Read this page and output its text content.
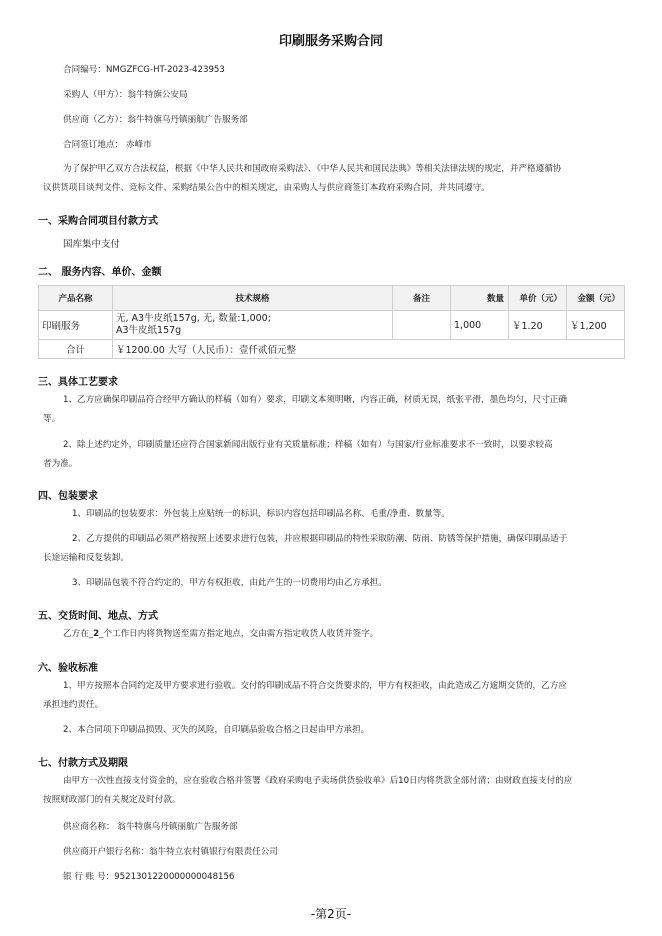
印刷服务采购合同
合同编号：NMGZFCG-HT-2023-423953
采购人（甲方）：翁牛特旗公安局
供应商（乙方）：翁牛特旗乌丹镇丽航广告服务部
合同签订地点： 赤峰市
为了保护甲乙双方合法权益，根据《中华人民共和国政府采购法》、《中华人民共和国民法典》等相关法律法规的规定，并严格遵循协
议供货项目谈判文件、竞标文件、采购结果公告中的相关规定，由采购人与供应商签订本政府采购合同，并共同遵守。
一、采购合同项目付款方式
国库集中支付
二、 服务内容、单价、金额
产品名称	技术规格	备注	数量	单价（元）	金额（元）
印刷服务	无, A3牛皮纸157g, 无, 数量:1,000;
A3牛皮纸157g		1,000	￥1.20	￥1,200
合计	￥1200.00 大写（人民币）：壹仟贰佰元整				
三、具体工艺要求
1、乙方应确保印刷品符合经甲方确认的样稿（如有）要求，印刷文本须明晰，内容正确，材质无误，纸张平滑，墨色均匀，尺寸正确
等。
2、除上述约定外，印刷质量还应符合国家新闻出版行业有关质量标准；样稿（如有）与国家/行业标准要求不一致时，以要求较高
者为准。
四、包装要求
1、印刷品的包装要求：外包装上应贴统一的标识，标识内容包括印刷品名称、毛重/净重、数量等。
2、乙方提供的印刷品必须严格按照上述要求进行包装，并应根据印刷品的特性采取防潮、防雨、防锈等保护措施，确保印刷品适于
长途运输和反复装卸。
3、印刷品包装不符合约定的，甲方有权拒收，由此产生的一切费用均由乙方承担。
五、交货时间、地点、方式
乙方在_2_个工作日内将货物送至需方指定地点，交由需方指定收货人收货并签字。
六、验收标准
1、甲方按照本合同约定及甲方要求进行验收。交付的印刷成品不符合交货要求的，甲方有权拒收，由此造成乙方逾期交货的，乙方应
承担违约责任。
2、本合同项下印刷品损毁、灭失的风险，自印刷品验收合格之日起由甲方承担。
七、付款方式及期限
由甲方一次性直接支付资金的，应在验收合格并签署《政府采购电子卖场供货验收单》后10日内将货款全部付清；由财政直接支付的应
按照财政部门的有关规定及时付款。
供应商名称： 翁牛特旗乌丹镇丽航广告服务部
供应商开户银行名称：翁牛特立农村镇银行有限责任公司
银 行 账 号：9521301220000000048156
-第2页-
